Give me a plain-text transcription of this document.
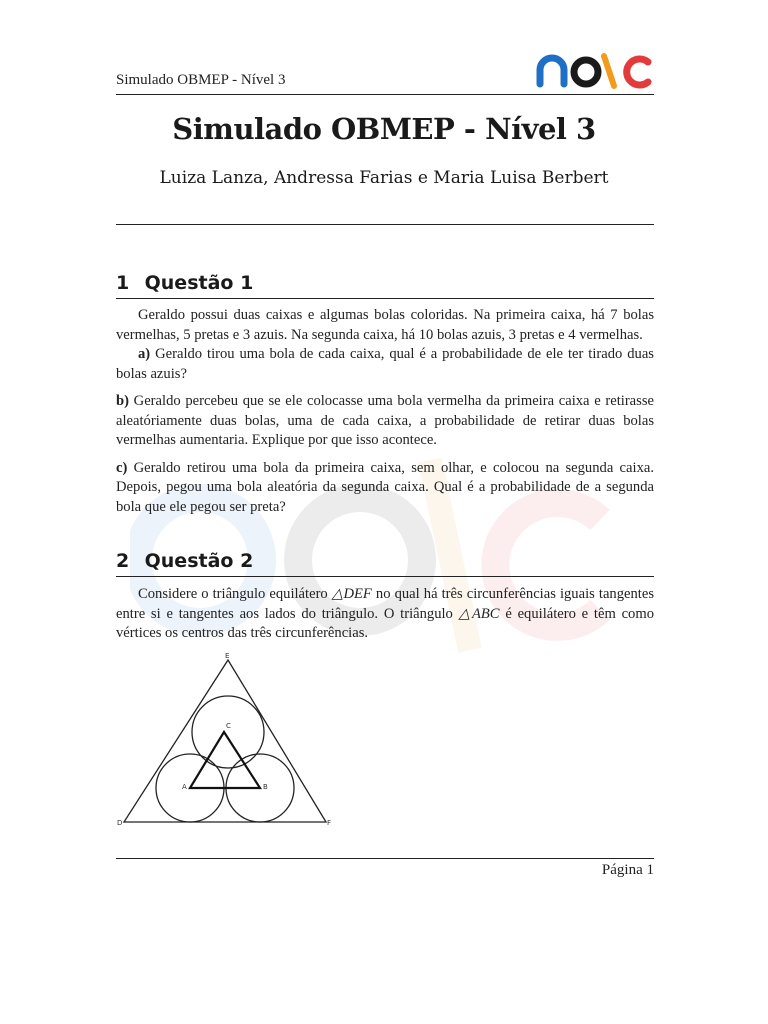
Simulado OBMEP - Nível 3
Simulado OBMEP - Nível 3
Luiza Lanza, Andressa Farias e Maria Luisa Berbert
1 Questão 1

Geraldo possui duas caixas e algumas bolas coloridas. Na primeira caixa, há 7 bolas vermelhas, 5 pretas e 3 azuis. Na segunda caixa, há 10 bolas azuis, 3 pretas e 4 vermelhas.

a) Geraldo tirou uma bola de cada caixa, qual é a probabilidade de ele ter tirado duas bolas azuis?

b) Geraldo percebeu que se ele colocasse uma bola vermelha da primeira caixa e retirasse aleatóriamente duas bolas, uma de cada caixa, a probabilidade de retirar duas bolas vermelhas aumentaria. Explique por que isso acontece.

c) Geraldo retirou uma bola da primeira caixa, sem olhar, e colocou na segunda caixa. Depois, pegou uma bola aleatória da segunda caixa. Qual é a probabilidade de a segunda bola que ele pegou ser preta?

2 Questão 2

Considere o triângulo equilátero △DEF no qual há três circunferências iguais tangentes entre si e tangentes aos lados do triângulo. O triângulo △ABC é equilátero e têm como vértices os centros das três circunferências.

E
D	F
C
A	B
Página 1
